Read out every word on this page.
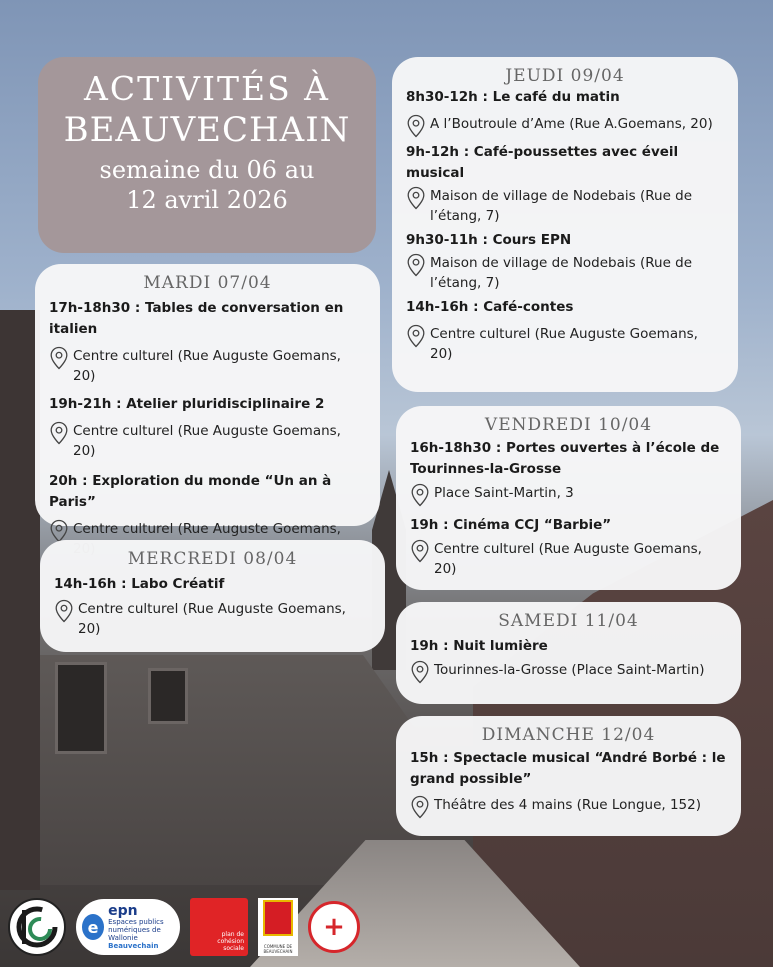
ACTIVITÉS À
BEAUVECHAIN
semaine du 06 au
12 avril 2026
MARDI 07/04
17h-18h30 : Tables de conversation en italien
Centre culturel (Rue Auguste Goemans, 20)
19h-21h : Atelier pluridisciplinaire 2
Centre culturel (Rue Auguste Goemans, 20)
20h : Exploration du monde “Un an à Paris”
Centre culturel (Rue Auguste Goemans,
MERCREDI 08/04
14h-16h : Labo Créatif
Centre culturel (Rue Auguste Goemans, 20)
JEUDI 09/04
8h30-12h : Le café du matin
A l’Boutroule d’Ame (Rue A.Goemans, 20)
9h-12h : Café-poussettes avec éveil musical
Maison de village de Nodebais (Rue de l’étang, 7)
9h30-11h : Cours EPN
Maison de village de Nodebais (Rue de l’étang, 7)
14h-16h : Café-contes
Centre culturel (Rue Auguste Goemans, 20)
VENDREDI 10/04
16h-18h30 : Portes ouvertes à l’école de Tourinnes-la-Grosse
Place Saint-Martin, 3
19h : Cinéma CCJ “Barbie”
Centre culturel (Rue Auguste Goemans, 20)
SAMEDI 11/04
19h : Nuit lumière
Tourinnes-la-Grosse (Place Saint-Martin)
DIMANCHE 12/04
15h : Spectacle musical “André Borbé : le grand possible”
Théâtre des 4 mains (Rue Longue, 152)
e
epn
Espaces publics
numériques de Wallonie
Beauvechain
plan de
cohésion
sociale	COMMUNE DE BEAUVECHAIN
+
